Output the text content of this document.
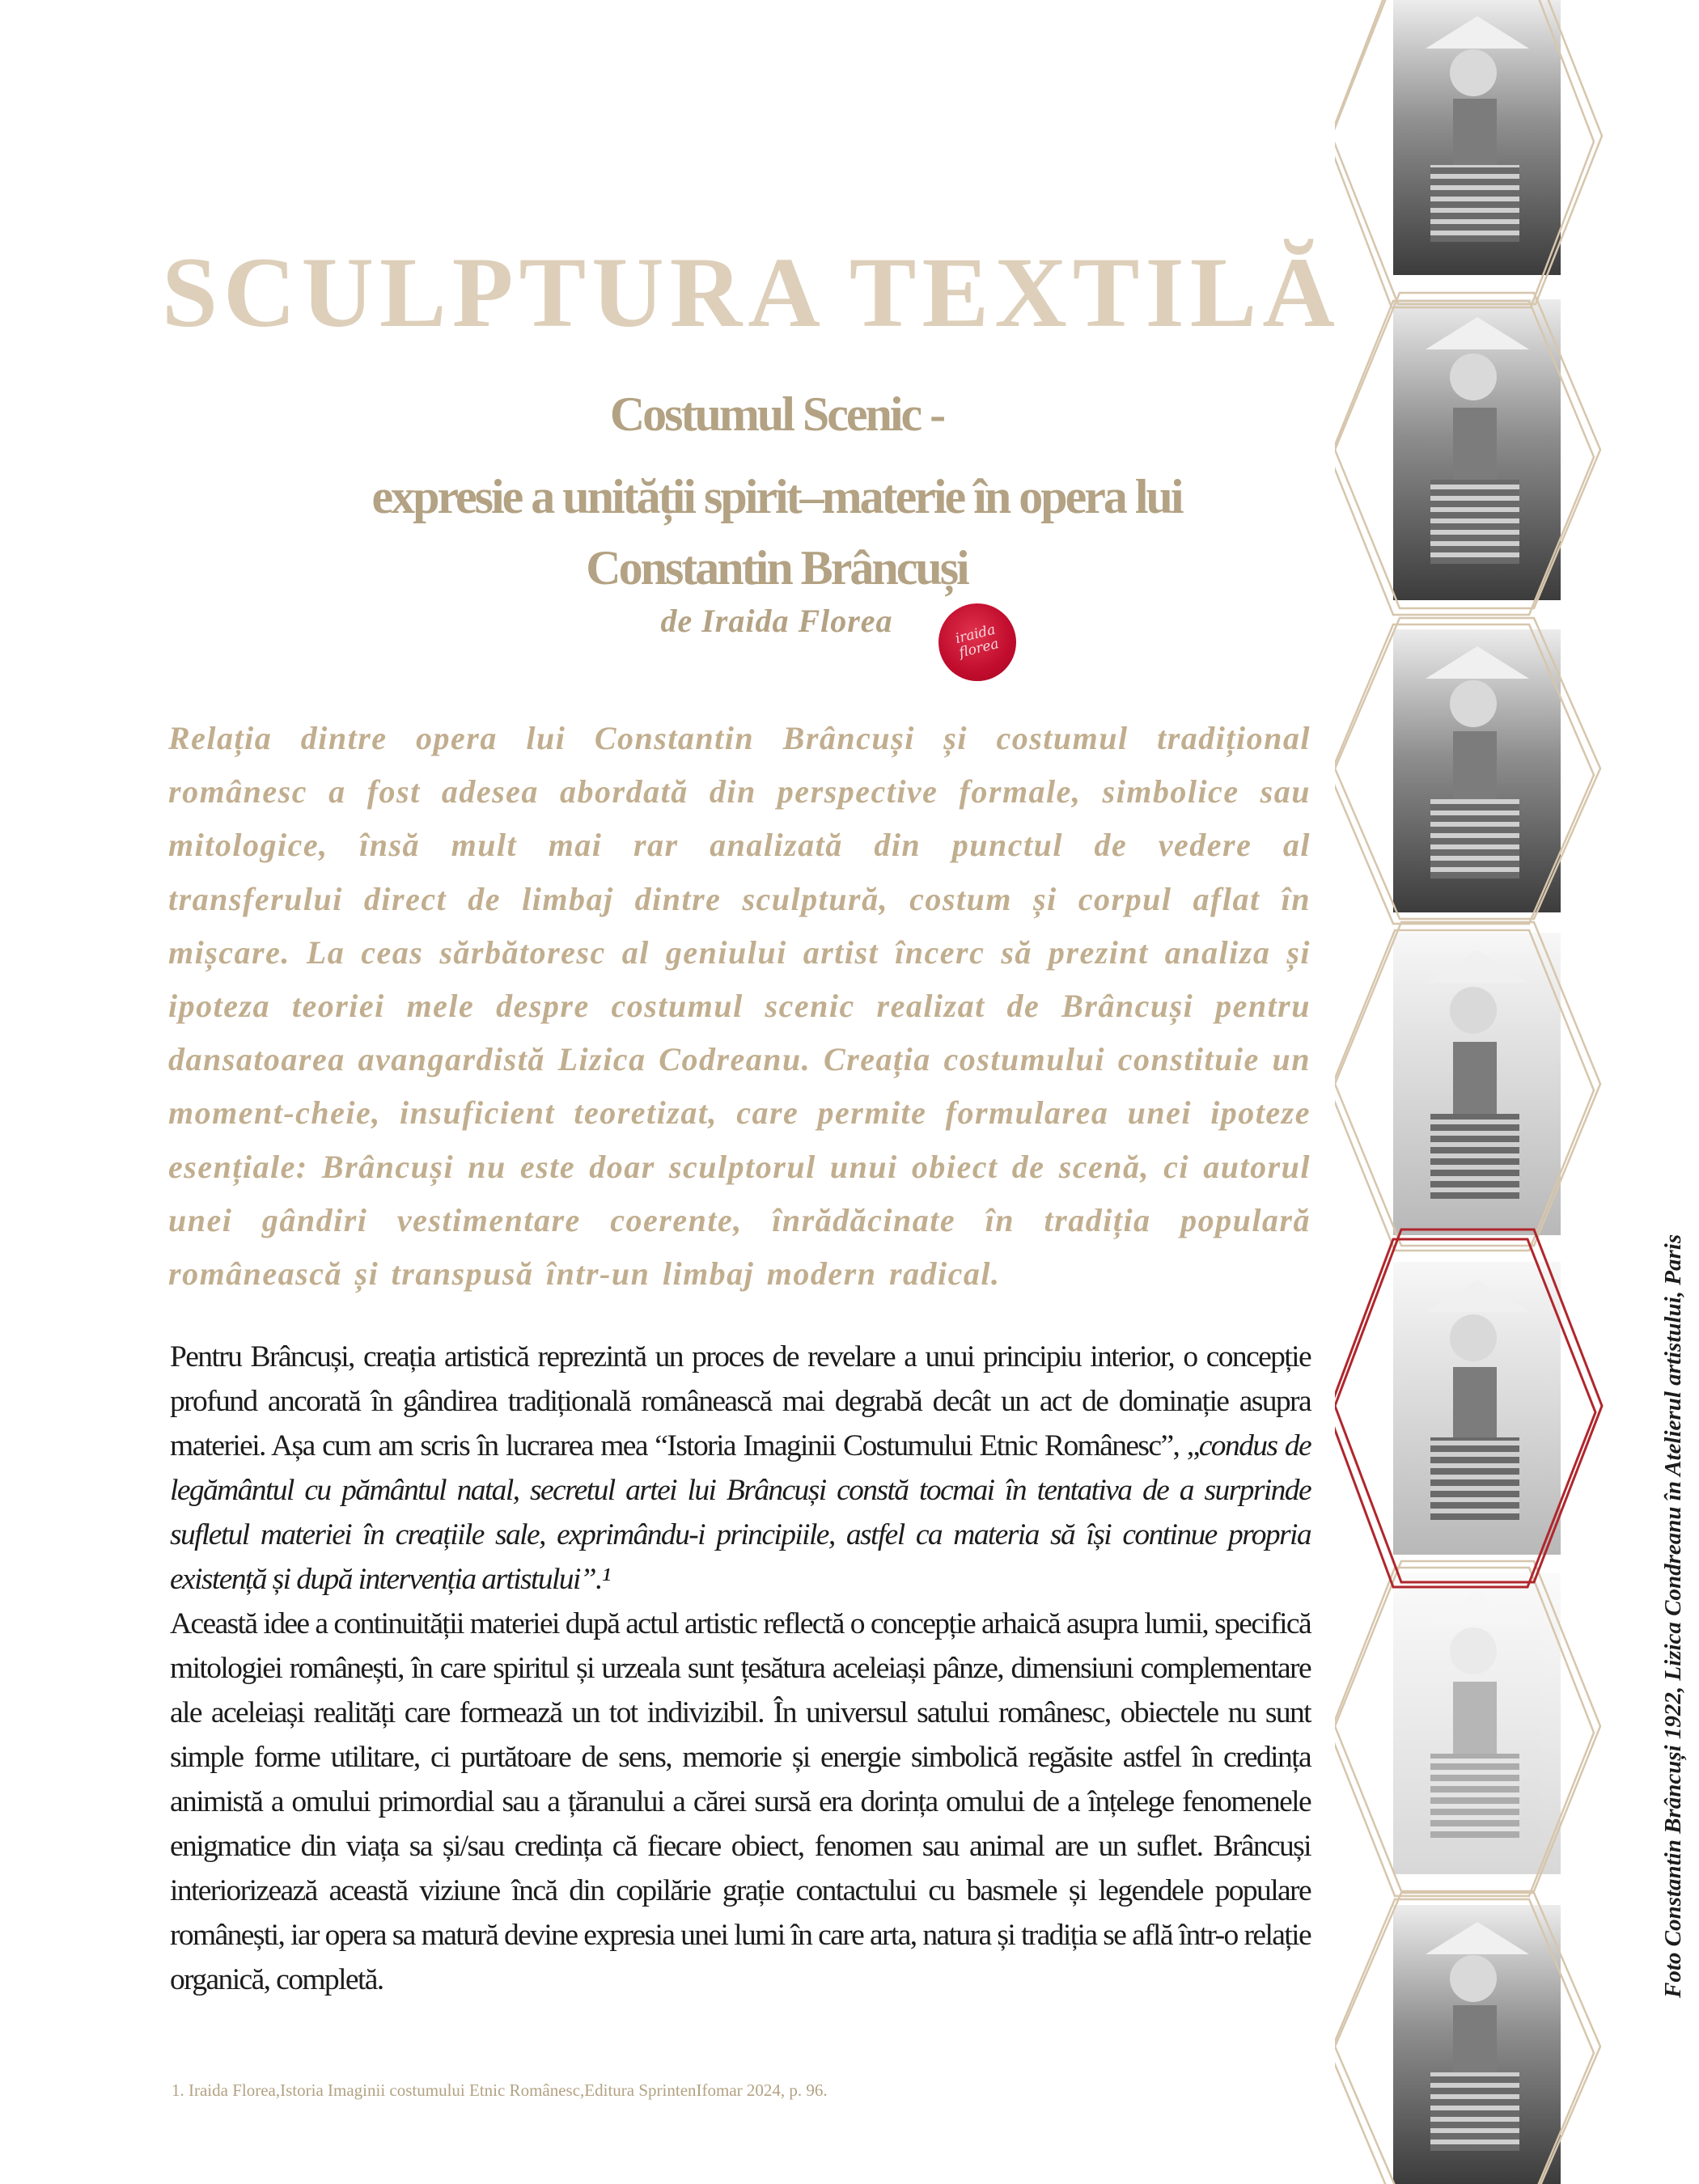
SCULPTURA TEXTILĂ
Costumul Scenic -
expresie a unității spirit–materie în opera lui
Constantin Brâncuși
de Iraida Florea	iraida florea

Relația dintre opera lui Constantin Brâncuși și costumul tradițional românesc a fost adesea abordată din perspective formale, simbolice sau mitologice, însă mult mai rar analizată din punctul de vedere al transferului direct de limbaj dintre sculptură, costum și corpul aflat în mișcare. La ceas sărbătoresc al geniului artist încerc să prezint analiza și ipoteza teoriei mele despre costumul scenic realizat de Brâncuși pentru dansatoarea avangardistă Lizica Codreanu. Creația costumului constituie un moment-cheie, insuficient teoretizat, care permite formularea unei ipoteze esențiale: Brâncuși nu este doar sculptorul unui obiect de scenă, ci autorul unei gândiri vestimentare coerente, înrădăcinate în tradiția populară românească și transpusă într-un limbaj modern radical.

Pentru Brâncuși, creația artistică reprezintă un proces de revelare a unui principiu interior, o concepție profund ancorată în gândirea tradițională românească mai degrabă decât un act de dominație asupra materiei. Așa cum am scris în lucrarea mea “Istoria Imaginii Costumului Etnic Românesc”, „condus de legământul cu pământul natal, secretul artei lui Brâncuși constă tocmai în tentativa de a surprinde sufletul materiei în creațiile sale, exprimându-i principiile, astfel ca materia să își continue propria existență și după intervenția artistului”.¹

Această idee a continuității materiei după actul artistic reflectă o concepție arhaică asupra lumii, specifică mitologiei românești, în care spiritul și urzeala sunt țesătura aceleiași pânze, dimensiuni complementare ale aceleiași realități care formează un tot indivizibil. În universul satului românesc, obiectele nu sunt simple forme utilitare, ci purtătoare de sens, memorie și energie simbolică regăsite astfel în credința animistă a omului primordial sau a țăranului a cărei sursă era dorința omului de a înțelege fenomenele enigmatice din viața sa și/sau credința că fiecare obiect, fenomen sau animal are un suflet. Brâncuși interiorizează această viziune încă din copilărie grație contactului cu basmele și legendele populare românești, iar opera sa matură devine expresia unei lumi în care arta, natura și tradiția se află într-o relație organică, completă.

1. Iraida Florea,Istoria Imaginii costumului Etnic Românesc,Editura SprintenIfomar 2024, p. 96.
Foto Constantin Brâncuși 1922, Lizica Condreanu în Atelierul artistului, Paris
